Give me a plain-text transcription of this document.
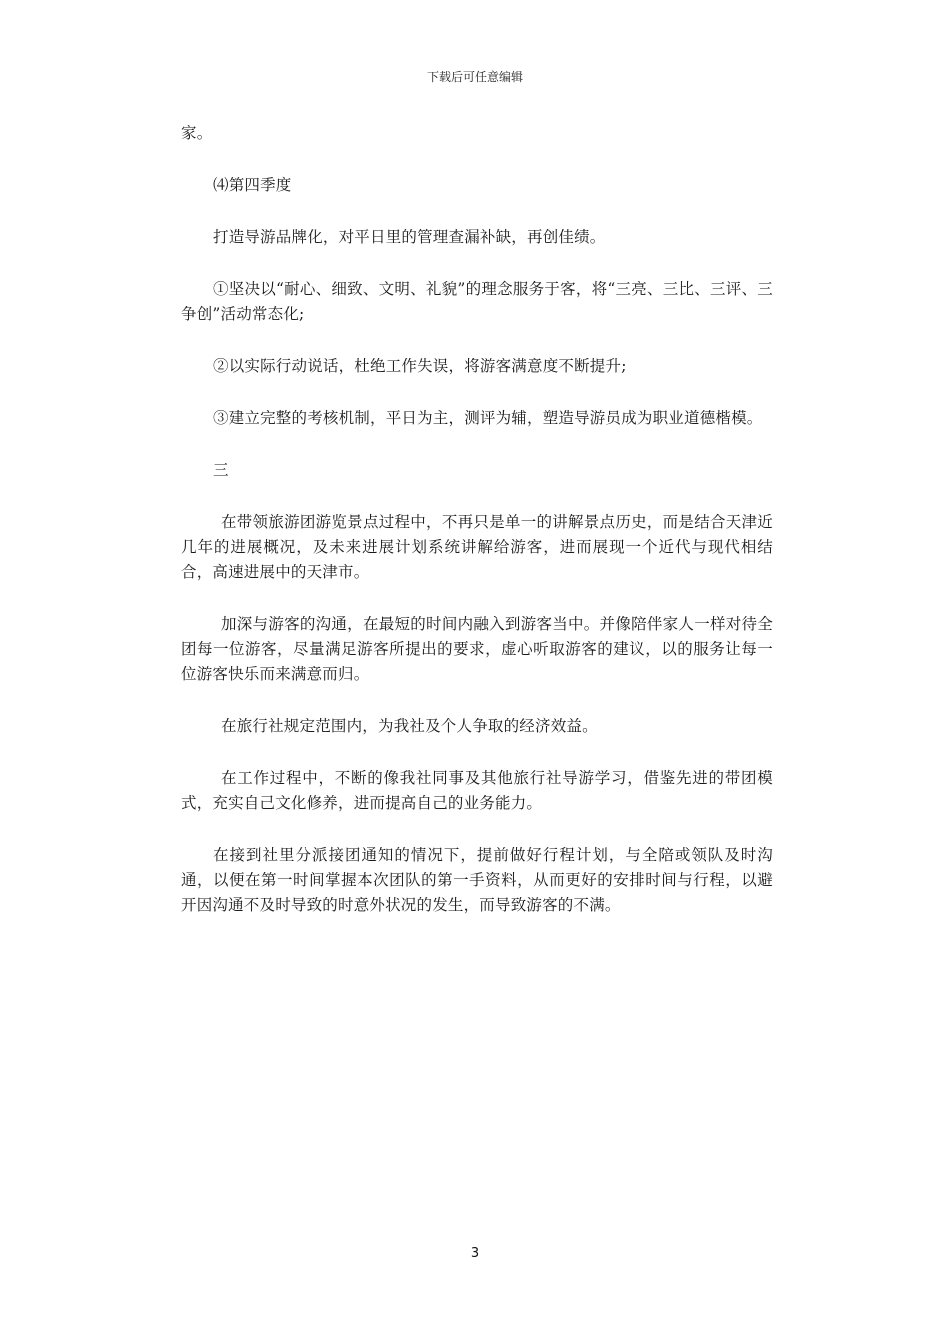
下载后可任意编辑

家。

⑷第四季度

打造导游品牌化，对平日里的管理查漏补缺，再创佳绩。

①坚决以“耐心、细致、文明、礼貌”的理念服务于客，将“三亮、三比、三评、三争创”活动常态化;

②以实际行动说话，杜绝工作失误，将游客满意度不断提升;

③建立完整的考核机制，平日为主，测评为辅，塑造导游员成为职业道德楷模。

三

在带领旅游团游览景点过程中，不再只是单一的讲解景点历史，而是结合天津近几年的进展概况，及未来进展计划系统讲解给游客，进而展现一个近代与现代相结合，高速进展中的天津市。

加深与游客的沟通，在最短的时间内融入到游客当中。并像陪伴家人一样对待全团每一位游客，尽量满足游客所提出的要求，虚心听取游客的建议，以的服务让每一位游客快乐而来满意而归。

在旅行社规定范围内，为我社及个人争取的经济效益。

在工作过程中，不断的像我社同事及其他旅行社导游学习，借鉴先进的带团模式，充实自己文化修养，进而提高自己的业务能力。

在接到社里分派接团通知的情况下，提前做好行程计划，与全陪或领队及时沟通，以便在第一时间掌握本次团队的第一手资料，从而更好的安排时间与行程，以避开因沟通不及时导致的时意外状况的发生，而导致游客的不满。

3
